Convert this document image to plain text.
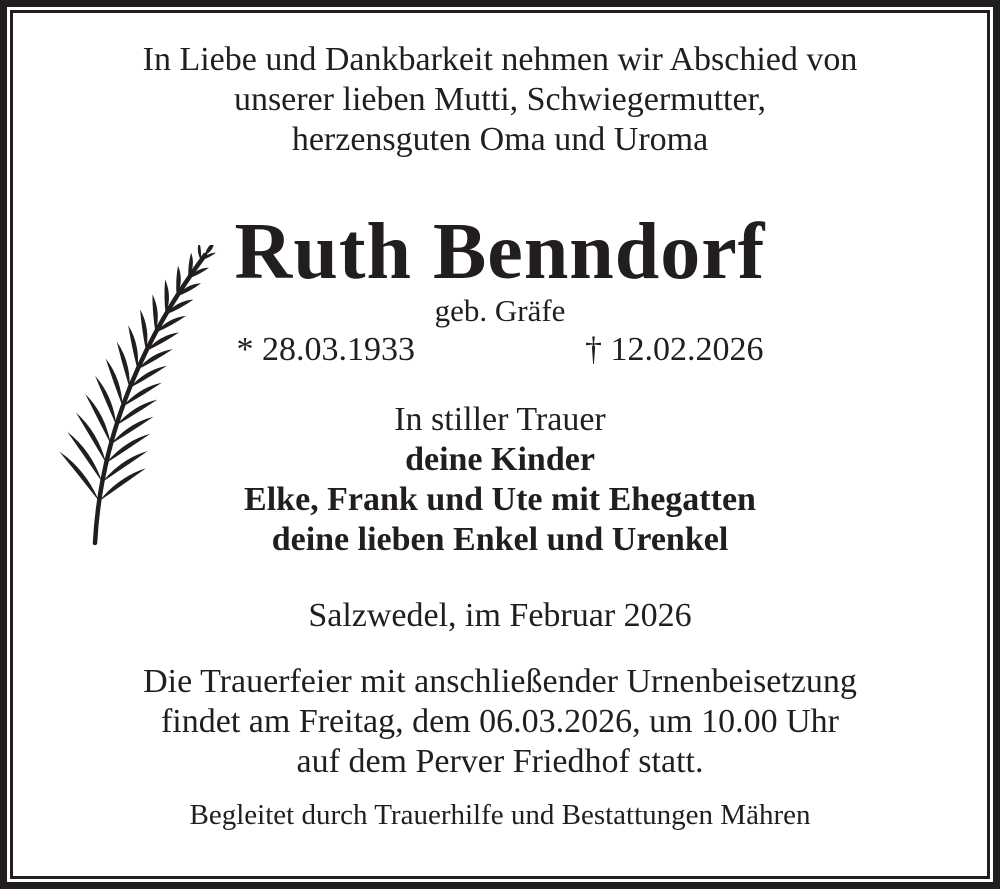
In Liebe und Dankbarkeit nehmen wir Abschied von
unserer lieben Mutti, Schwiegermutter,
herzensguten Oma und Uroma
Ruth Benndorf
geb. Gräfe
* 28.03.1933	† 12.02.2026
In stiller Trauer
deine Kinder
Elke, Frank und Ute mit Ehegatten
deine lieben Enkel und Urenkel
Salzwedel, im Februar 2026
Die Trauerfeier mit anschließender Urnenbeisetzung
findet am Freitag, dem 06.03.2026, um 10.00 Uhr
auf dem Perver Friedhof statt.
Begleitet durch Trauerhilfe und Bestattungen Mähren
